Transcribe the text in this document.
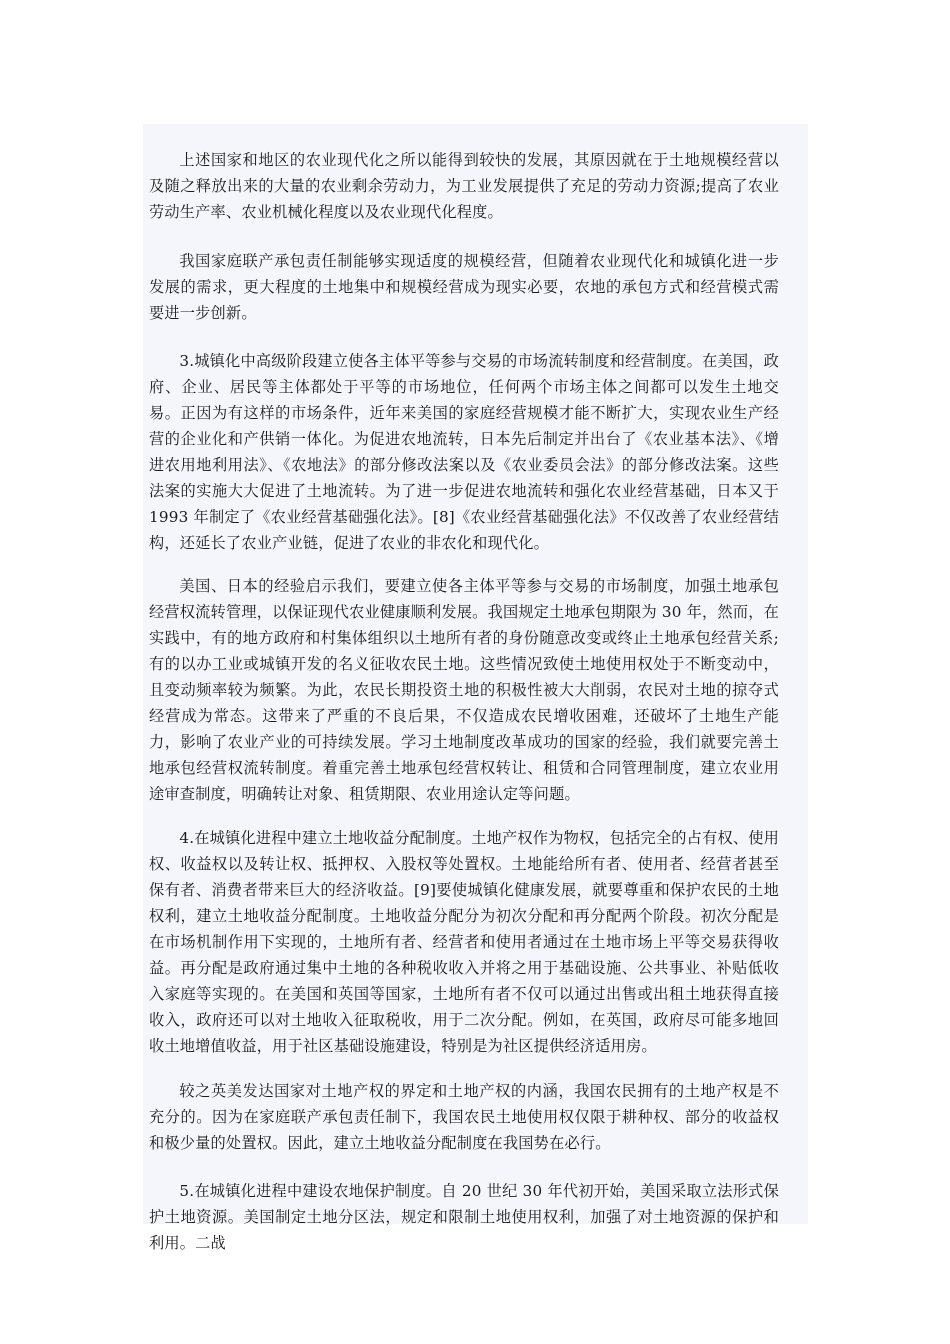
上述国家和地区的农业现代化之所以能得到较快的发展，其原因就在于土地规模经营以及随之释放出来的大量的农业剩余劳动力，为工业发展提供了充足的劳动力资源;提高了农业劳动生产率、农业机械化程度以及农业现代化程度。

我国家庭联产承包责任制能够实现适度的规模经营，但随着农业现代化和城镇化进一步发展的需求，更大程度的土地集中和规模经营成为现实必要，农地的承包方式和经营模式需要进一步创新。

3.城镇化中高级阶段建立使各主体平等参与交易的市场流转制度和经营制度。在美国，政府、企业、居民等主体都处于平等的市场地位，任何两个市场主体之间都可以发生土地交易。正因为有这样的市场条件，近年来美国的家庭经营规模才能不断扩大，实现农业生产经营的企业化和产供销一体化。为促进农地流转，日本先后制定并出台了《农业基本法》、《增进农用地利用法》、《农地法》的部分修改法案以及《农业委员会法》的部分修改法案。这些法案的实施大大促进了土地流转。为了进一步促进农地流转和强化农业经营基础，日本又于 1993 年制定了《农业经营基础强化法》。[8]《农业经营基础强化法》不仅改善了农业经营结构，还延长了农业产业链，促进了农业的非农化和现代化。

美国、日本的经验启示我们，要建立使各主体平等参与交易的市场制度，加强土地承包经营权流转管理，以保证现代农业健康顺利发展。我国规定土地承包期限为 30 年，然而，在实践中，有的地方政府和村集体组织以土地所有者的身份随意改变或终止土地承包经营关系;有的以办工业或城镇开发的名义征收农民土地。这些情况致使土地使用权处于不断变动中，且变动频率较为频繁。为此，农民长期投资土地的积极性被大大削弱，农民对土地的掠夺式经营成为常态。这带来了严重的不良后果，不仅造成农民增收困难，还破坏了土地生产能力，影响了农业产业的可持续发展。学习土地制度改革成功的国家的经验，我们就要完善土地承包经营权流转制度。着重完善土地承包经营权转让、租赁和合同管理制度，建立农业用途审查制度，明确转让对象、租赁期限、农业用途认定等问题。

4.在城镇化进程中建立土地收益分配制度。土地产权作为物权，包括完全的占有权、使用权、收益权以及转让权、抵押权、入股权等处置权。土地能给所有者、使用者、经营者甚至保有者、消费者带来巨大的经济收益。[9]要使城镇化健康发展，就要尊重和保护农民的土地权利，建立土地收益分配制度。土地收益分配分为初次分配和再分配两个阶段。初次分配是在市场机制作用下实现的，土地所有者、经营者和使用者通过在土地市场上平等交易获得收益。再分配是政府通过集中土地的各种税收收入并将之用于基础设施、公共事业、补贴低收入家庭等实现的。在美国和英国等国家，土地所有者不仅可以通过出售或出租土地获得直接收入，政府还可以对土地收入征取税收，用于二次分配。例如，在英国，政府尽可能多地回收土地增值收益，用于社区基础设施建设，特别是为社区提供经济适用房。

较之英美发达国家对土地产权的界定和土地产权的内涵，我国农民拥有的土地产权是不充分的。因为在家庭联产承包责任制下，我国农民土地使用权仅限于耕种权、部分的收益权和极少量的处置权。因此，建立土地收益分配制度在我国势在必行。

5.在城镇化进程中建设农地保护制度。自 20 世纪 30 年代初开始，美国采取立法形式保护土地资源。美国制定土地分区法，规定和限制土地使用权利，加强了对土地资源的保护和利用。二战
